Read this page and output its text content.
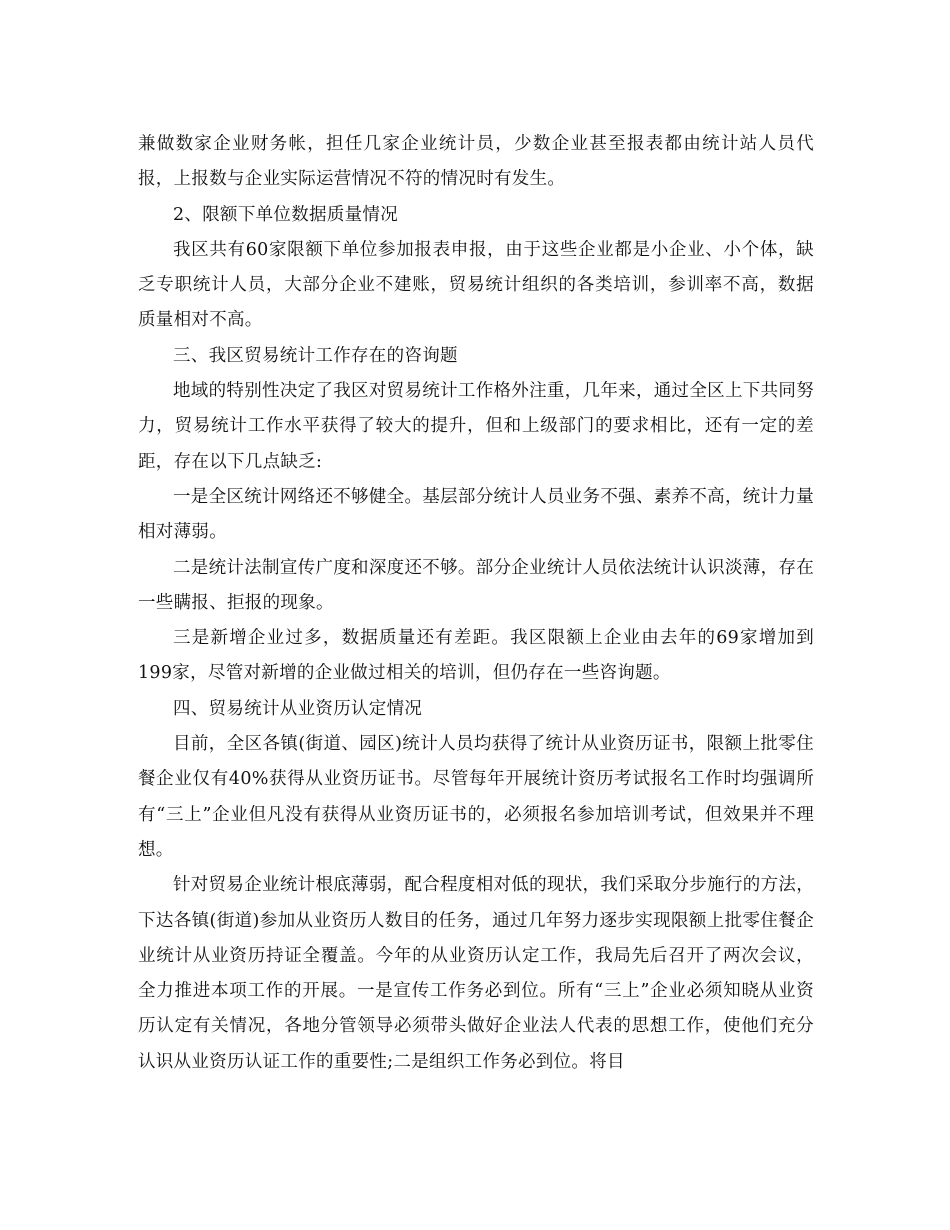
兼做数家企业财务帐，担任几家企业统计员，少数企业甚至报表都由统计站人员代报，上报数与企业实际运营情况不符的情况时有发生。

2、限额下单位数据质量情况

我区共有60家限额下单位参加报表申报，由于这些企业都是小企业、小个体，缺乏专职统计人员，大部分企业不建账，贸易统计组织的各类培训，参训率不高，数据质量相对不高。

三、我区贸易统计工作存在的咨询题

地域的特别性决定了我区对贸易统计工作格外注重，几年来，通过全区上下共同努力，贸易统计工作水平获得了较大的提升，但和上级部门的要求相比，还有一定的差距，存在以下几点缺乏:

一是全区统计网络还不够健全。基层部分统计人员业务不强、素养不高，统计力量相对薄弱。

二是统计法制宣传广度和深度还不够。部分企业统计人员依法统计认识淡薄，存在一些瞒报、拒报的现象。

三是新增企业过多，数据质量还有差距。我区限额上企业由去年的69家增加到199家，尽管对新增的企业做过相关的培训，但仍存在一些咨询题。

四、贸易统计从业资历认定情况

目前，全区各镇(街道、园区)统计人员均获得了统计从业资历证书，限额上批零住餐企业仅有40%获得从业资历证书。尽管每年开展统计资历考试报名工作时均强调所有“三上”企业但凡没有获得从业资历证书的，必须报名参加培训考试，但效果并不理想。

针对贸易企业统计根底薄弱，配合程度相对低的现状，我们采取分步施行的方法，下达各镇(街道)参加从业资历人数目的任务，通过几年努力逐步实现限额上批零住餐企业统计从业资历持证全覆盖。今年的从业资历认定工作，我局先后召开了两次会议，全力推进本项工作的开展。一是宣传工作务必到位。所有“三上”企业必须知晓从业资历认定有关情况，各地分管领导必须带头做好企业法人代表的思想工作，使他们充分认识从业资历认证工作的重要性;二是组织工作务必到位。将目
